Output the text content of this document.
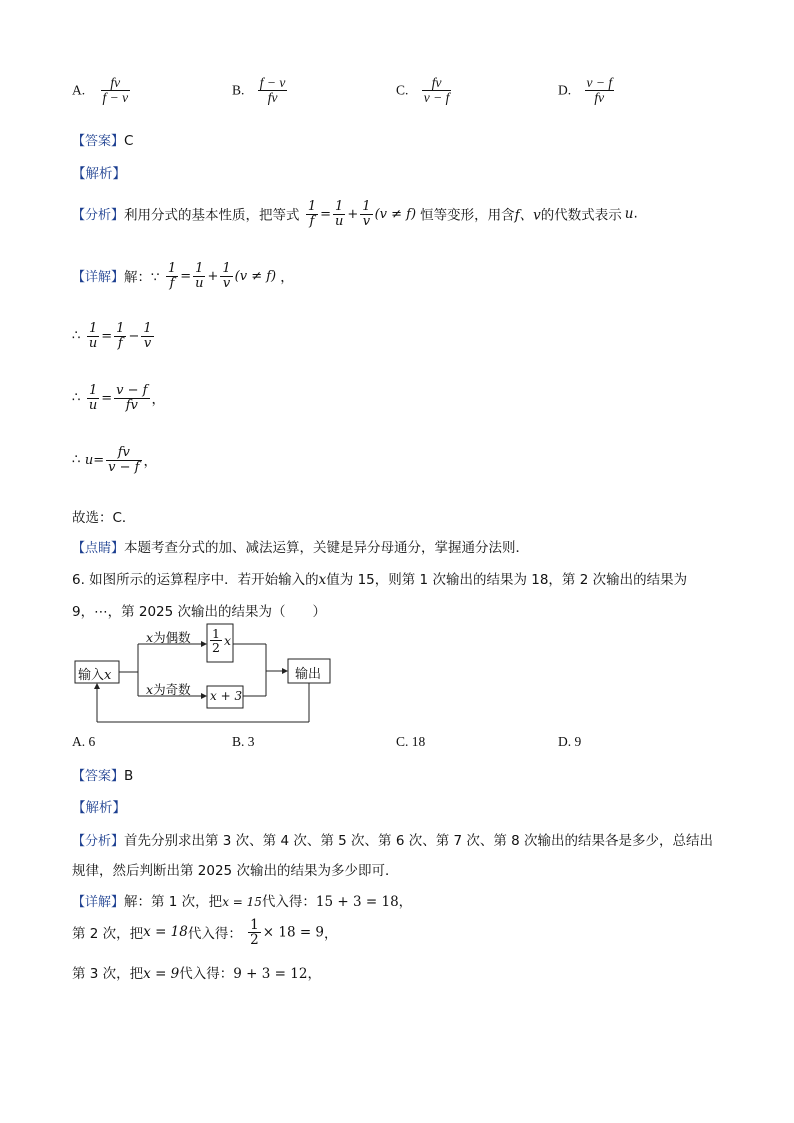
A. $\frac{fv}{f - v}$	B. $\frac{f - v}{fv}$	C. $\frac{fv}{v - f}$	D. $\frac{v - f}{fv}$
【答案】C
【解析】
【分析】利用分式的基本性质，把等式 $\frac{1}{f} = \frac{1}{u} + \frac{1}{v} (v \ne f)$ 恒等变形，用含f、v的代数式表示 u.
【详解】解：∵ $\frac{1}{f} = \frac{1}{u} + \frac{1}{v} (v \ne f)$ ，
∴ $\frac{1}{u} = \frac{1}{f} - \frac{1}{v}$
∴ $\frac{1}{u} = \frac{v - f}{fv}$ ，
∴ $u= \frac{fv}{v - f}$ ，
故选：C．
【点睛】本题考查分式的加、减法运算，关键是异分母通分，掌握通分法则．
6. 如图所示的运算程序中．若开始输入的x值为 15，则第 1 次输出的结果为 18，第 2 次输出的结果为
9，⋯，第 2025 次输出的结果为（　　）
输入x
x为偶数
x为奇数
$\frac{1}{2}$ x
x + 3
输出
A. 6	B. 3	C. 18	D. 9
【答案】B
【解析】
【分析】首先分别求出第 3 次、第 4 次、第 5 次、第 6 次、第 7 次、第 8 次输出的结果各是多少，总结出
规律，然后判断出第 2025 次输出的结果为多少即可．
【详解】解：第 1 次，把x = 15代入得：15 + 3 = 18，
第 2 次，把x = 18代入得： $\frac{1}{2} \times 18 = 9$，
第 3 次，把x = 9代入得：9 + 3 = 12，
